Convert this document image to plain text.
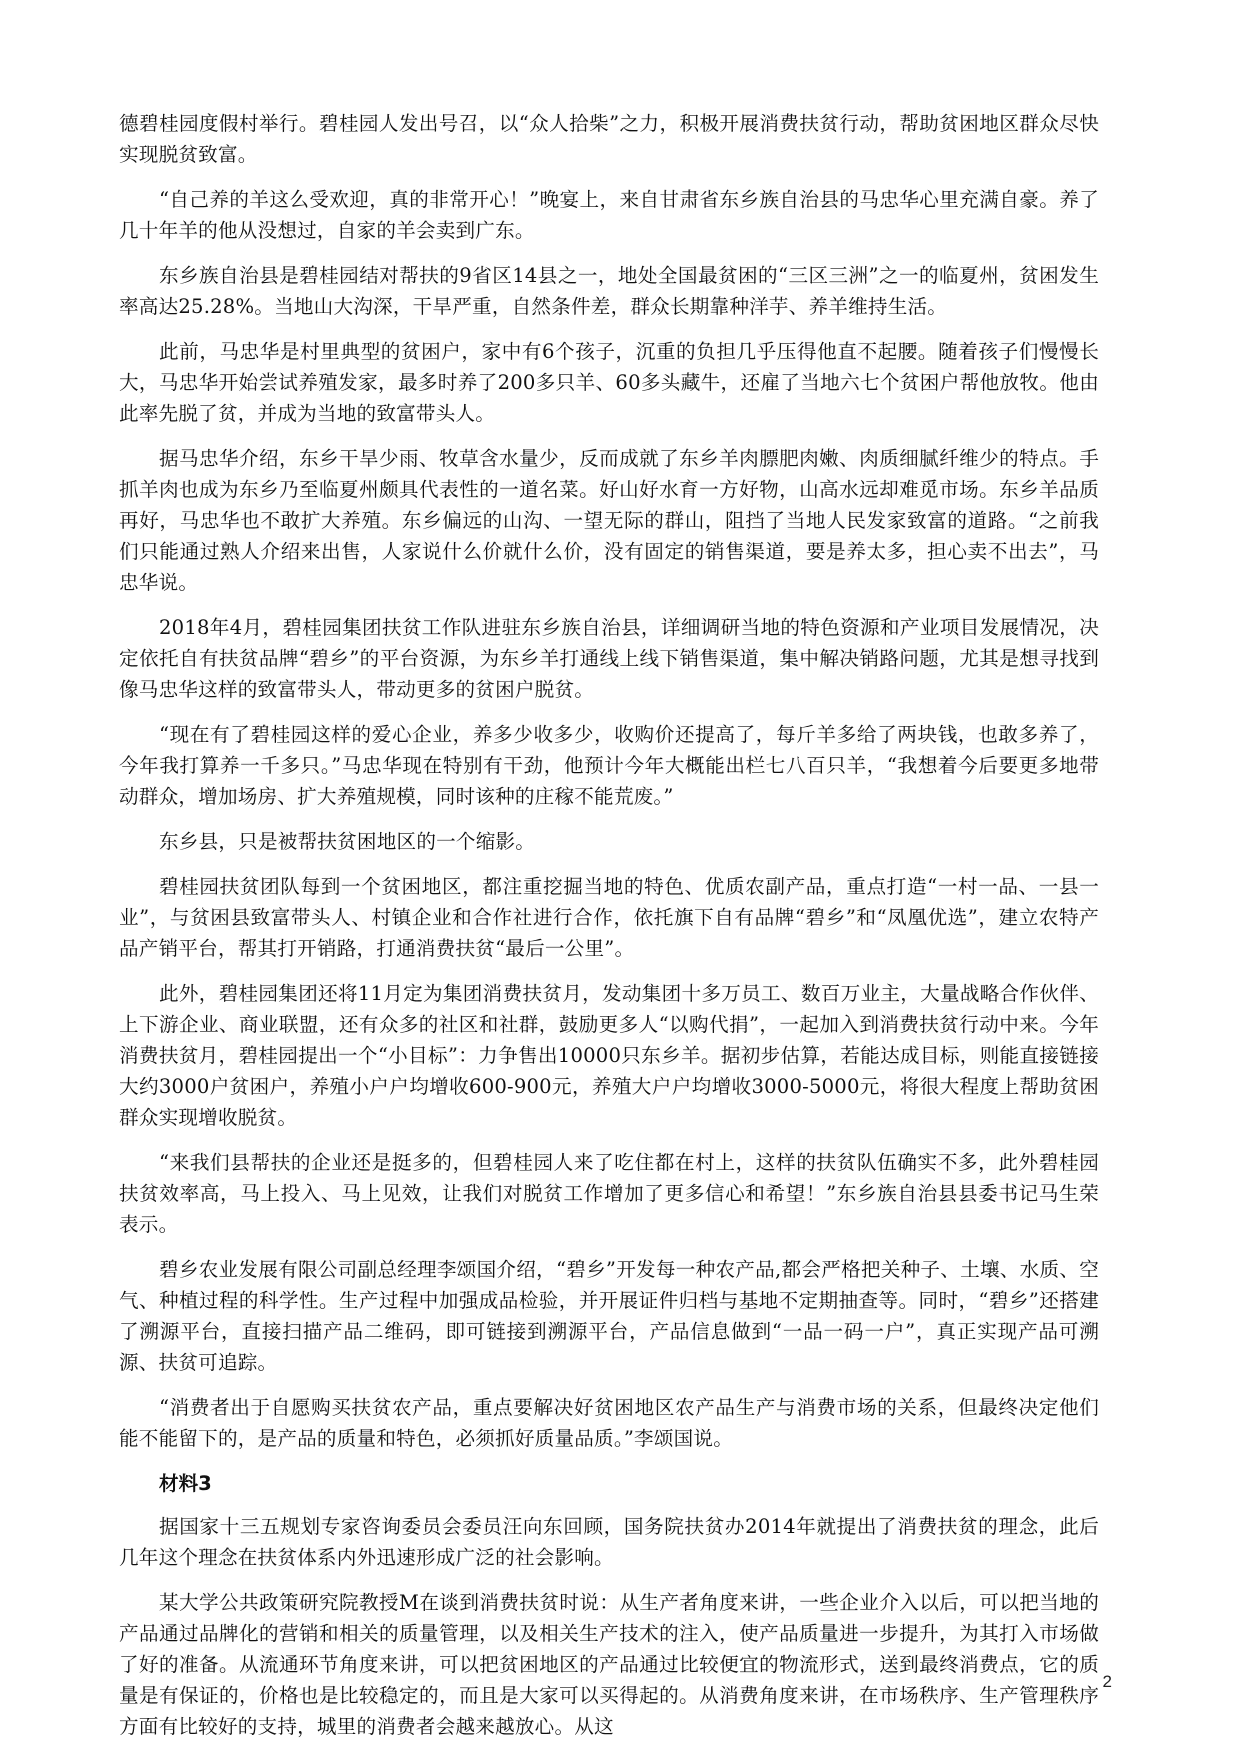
德碧桂园度假村举行。碧桂园人发出号召，以“众人拾柴”之力，积极开展消费扶贫行动，帮助贫困地区群众尽快实现脱贫致富。

“自己养的羊这么受欢迎，真的非常开心！”晚宴上，来自甘肃省东乡族自治县的马忠华心里充满自豪。养了几十年羊的他从没想过，自家的羊会卖到广东。

东乡族自治县是碧桂园结对帮扶的9省区14县之一，地处全国最贫困的“三区三洲”之一的临夏州，贫困发生率高达25.28%。当地山大沟深，干旱严重，自然条件差，群众长期靠种洋芋、养羊维持生活。

此前，马忠华是村里典型的贫困户，家中有6个孩子，沉重的负担几乎压得他直不起腰。随着孩子们慢慢长大，马忠华开始尝试养殖发家，最多时养了200多只羊、60多头藏牛，还雇了当地六七个贫困户帮他放牧。他由此率先脱了贫，并成为当地的致富带头人。

据马忠华介绍，东乡干旱少雨、牧草含水量少，反而成就了东乡羊肉膘肥肉嫩、肉质细腻纤维少的特点。手抓羊肉也成为东乡乃至临夏州颇具代表性的一道名菜。好山好水育一方好物，山高水远却难觅市场。东乡羊品质再好，马忠华也不敢扩大养殖。东乡偏远的山沟、一望无际的群山，阻挡了当地人民发家致富的道路。“之前我们只能通过熟人介绍来出售，人家说什么价就什么价，没有固定的销售渠道，要是养太多，担心卖不出去”，马忠华说。

2018年4月，碧桂园集团扶贫工作队进驻东乡族自治县，详细调研当地的特色资源和产业项目发展情况，决定依托自有扶贫品牌“碧乡”的平台资源，为东乡羊打通线上线下销售渠道，集中解决销路问题，尤其是想寻找到像马忠华这样的致富带头人，带动更多的贫困户脱贫。

“现在有了碧桂园这样的爱心企业，养多少收多少，收购价还提高了，每斤羊多给了两块钱，也敢多养了，今年我打算养一千多只。”马忠华现在特别有干劲，他预计今年大概能出栏七八百只羊，“我想着今后要更多地带动群众，增加场房、扩大养殖规模，同时该种的庄稼不能荒废。”

东乡县，只是被帮扶贫困地区的一个缩影。

碧桂园扶贫团队每到一个贫困地区，都注重挖掘当地的特色、优质农副产品，重点打造“一村一品、一县一业”，与贫困县致富带头人、村镇企业和合作社进行合作，依托旗下自有品牌“碧乡”和“凤凰优选”，建立农特产品产销平台，帮其打开销路，打通消费扶贫“最后一公里”。

此外，碧桂园集团还将11月定为集团消费扶贫月，发动集团十多万员工、数百万业主，大量战略合作伙伴、上下游企业、商业联盟，还有众多的社区和社群，鼓励更多人“以购代捐”，一起加入到消费扶贫行动中来。今年消费扶贫月，碧桂园提出一个“小目标”：力争售出10000只东乡羊。据初步估算，若能达成目标，则能直接链接大约3000户贫困户，养殖小户户均增收600-900元，养殖大户户均增收3000-5000元，将很大程度上帮助贫困群众实现增收脱贫。

“来我们县帮扶的企业还是挺多的，但碧桂园人来了吃住都在村上，这样的扶贫队伍确实不多，此外碧桂园扶贫效率高，马上投入、马上见效，让我们对脱贫工作增加了更多信心和希望！”东乡族自治县县委书记马生荣表示。

碧乡农业发展有限公司副总经理李颂国介绍，“碧乡”开发每一种农产品,都会严格把关种子、土壤、水质、空气、种植过程的科学性。生产过程中加强成品检验，并开展证件归档与基地不定期抽查等。同时，“碧乡”还搭建了溯源平台，直接扫描产品二维码，即可链接到溯源平台，产品信息做到“一品一码一户”，真正实现产品可溯源、扶贫可追踪。

“消费者出于自愿购买扶贫农产品，重点要解决好贫困地区农产品生产与消费市场的关系，但最终决定他们能不能留下的，是产品的质量和特色，必须抓好质量品质。”李颂国说。

材料3

据国家十三五规划专家咨询委员会委员汪向东回顾，国务院扶贫办2014年就提出了消费扶贫的理念，此后几年这个理念在扶贫体系内外迅速形成广泛的社会影响。

某大学公共政策研究院教授M在谈到消费扶贫时说：从生产者角度来讲，一些企业介入以后，可以把当地的产品通过品牌化的营销和相关的质量管理，以及相关生产技术的注入，使产品质量进一步提升，为其打入市场做了好的准备。从流通环节角度来讲，可以把贫困地区的产品通过比较便宜的物流形式，送到最终消费点，它的质量是有保证的，价格也是比较稳定的，而且是大家可以买得起的。从消费角度来讲，在市场秩序、生产管理秩序方面有比较好的支持，城里的消费者会越来越放心。从这

2
